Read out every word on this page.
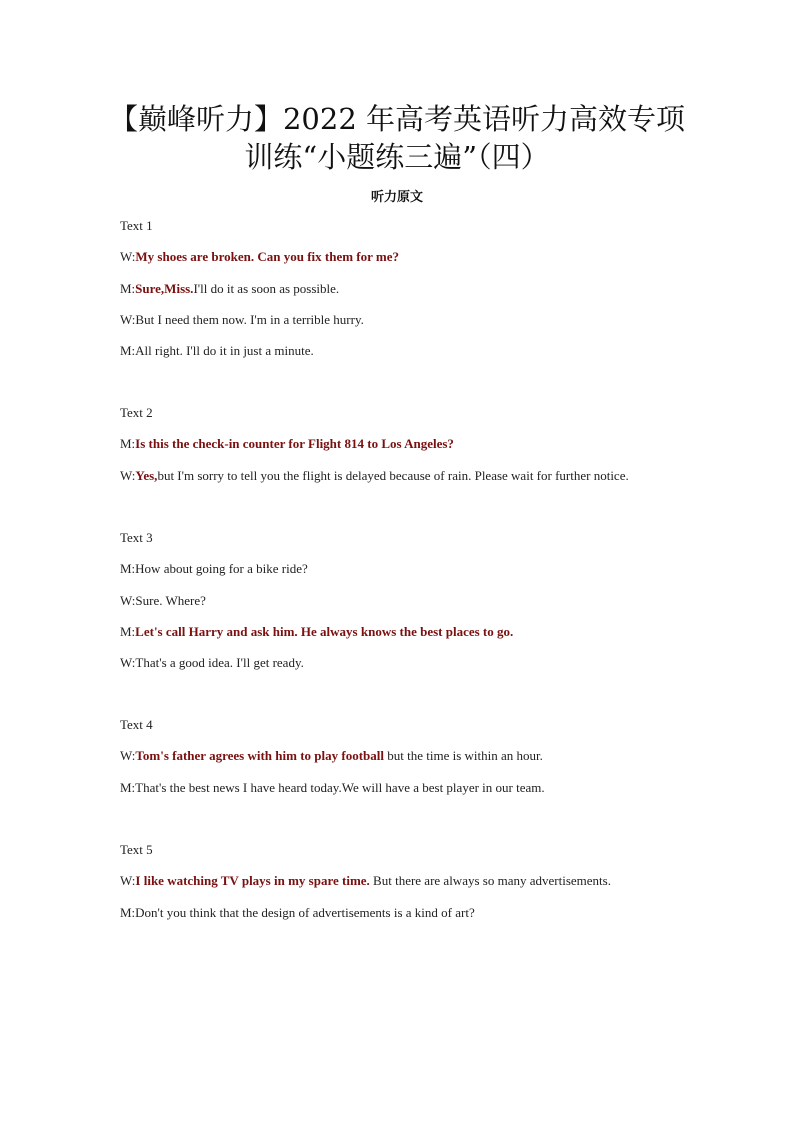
【巅峰听力】2022 年高考英语听力高效专项
训练“小题练三遍”（四）
听力原文
Text 1
W:My shoes are broken. Can you fix them for me?
M:Sure,Miss.I'll do it as soon as possible.
W:But I need them now. I'm in a terrible hurry.
M:All right. I'll do it in just a minute.
Text 2
M:Is this the check-in counter for Flight 814 to Los Angeles?
W:Yes,but I'm sorry to tell you the flight is delayed because of rain. Please wait for further notice.
Text 3
M:How about going for a bike ride?
W:Sure. Where?
M:Let's call Harry and ask him. He always knows the best places to go.
W:That's a good idea. I'll get ready.
Text 4
W:Tom's father agrees with him to play football but the time is within an hour.
M:That's the best news I have heard today.We will have a best player in our team.
Text 5
W:I like watching TV plays in my spare time. But there are always so many advertisements.
M:Don't you think that the design of advertisements is a kind of art?
